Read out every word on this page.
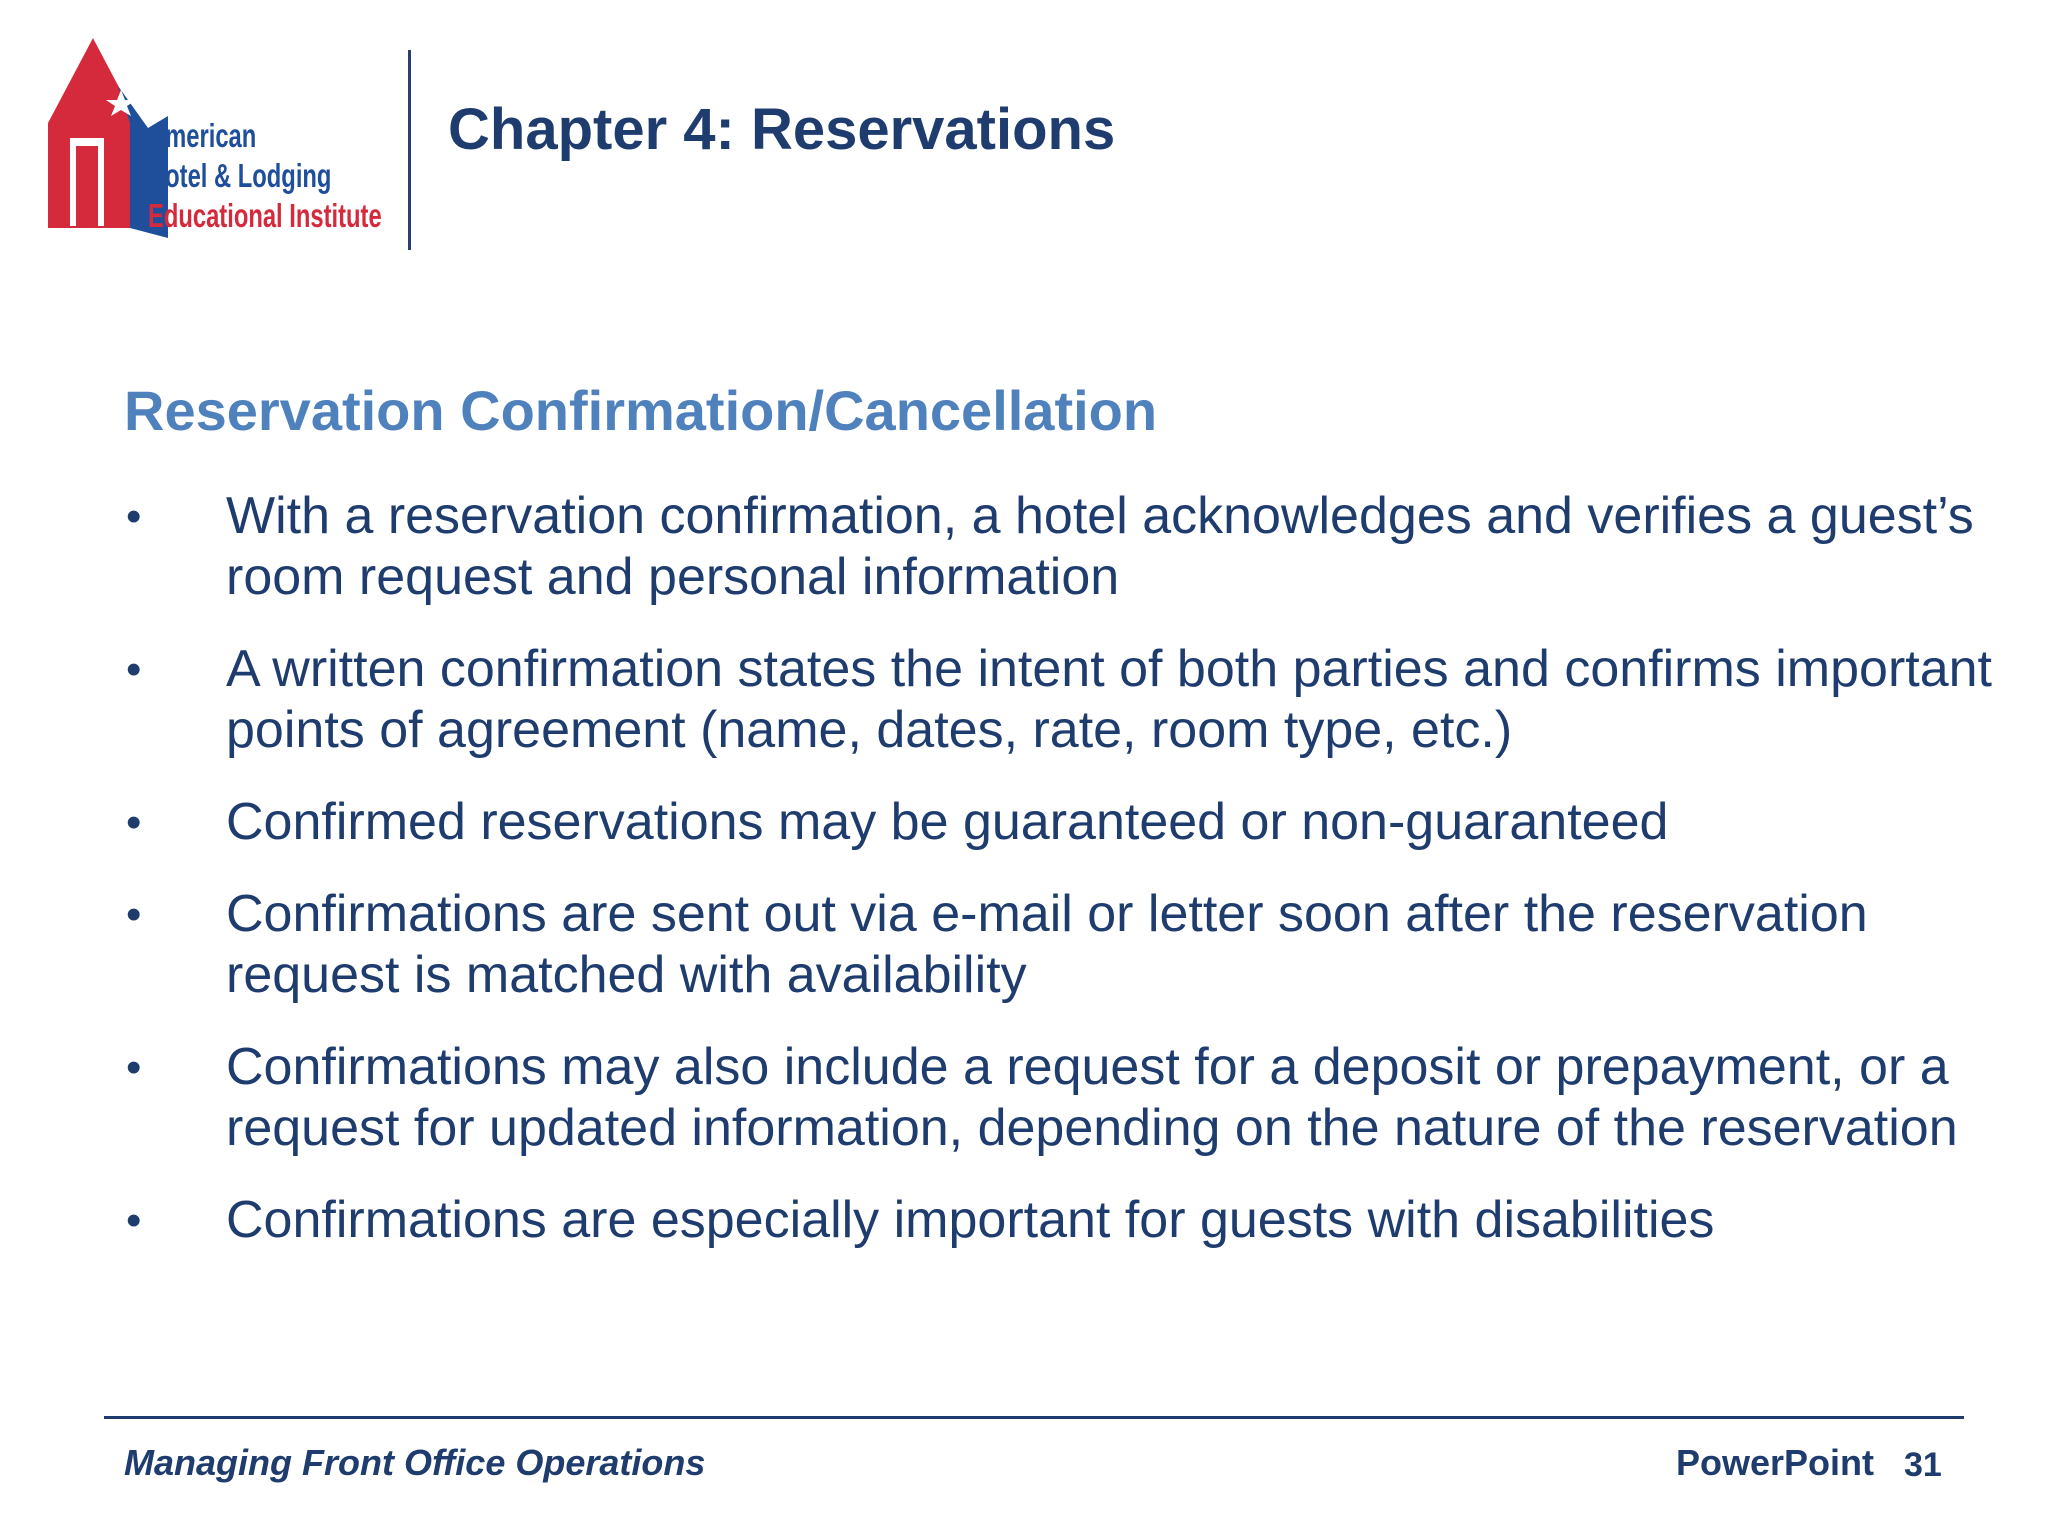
American
Hotel & Lodging
Educational Institute
Chapter 4: Reservations
Reservation Confirmation/Cancellation
• With a reservation confirmation, a hotel acknowledges and verifies a guest’s room request and personal information
• A written confirmation states the intent of both parties and confirms important points of agreement (name, dates, rate, room type, etc.)
• Confirmed reservations may be guaranteed or non-guaranteed
• Confirmations are sent out via e-mail or letter soon after the reservation request is matched with availability
• Confirmations may also include a request for a deposit or prepayment, or a request for updated information, depending on the nature of the reservation
• Confirmations are especially important for guests with disabilities
Managing Front Office Operations	PowerPoint 31
